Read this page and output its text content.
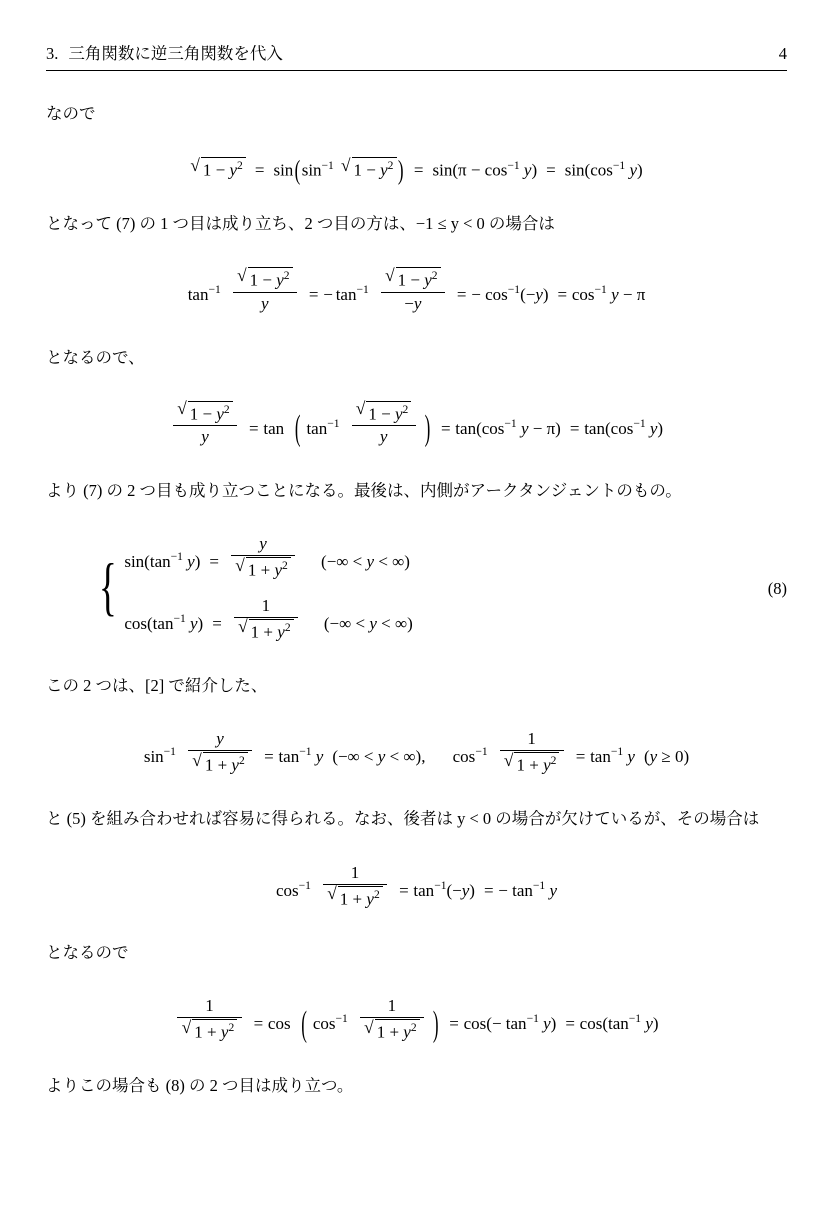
3. 三角関数に逆三角関数を代入	4

なので

√ $1 - y^2 = \sin(\sin^{-1}$ √ $1 - y^2$ ) = $\sin(\pi - \cos^{-1} y) = \sin(\cos^{-1}$ y)

となって (7) の 1 つ目は成り立ち、2 つ目の方は、−1 ≤ y < 0 の場合は

$\tan^{-1} \frac{√ 1 - y^2}{y}$ = − $\tan^{-1} \frac{√ 1 - y^2}{-y}$ = − $\cos^{-1}(-y) = \cos^{-1} y - \pi$

となるので、

$\frac{√ 1 - y^2}{y} = \tan$ ( $\tan^{-1} \frac{√ 1 - y^2}{y}$ ) = $\tan(\cos^{-1}$ $y - \pi) = \tan(\cos^{-1}$ y)

より (7) の 2 つ目も成り立つことになる。最後は、内側がアークタンジェントのもの。

{ $\sin(\tan^{-1}$ $y) = \frac{y}{√ 1 + y^2}$ (−∞ < y < ∞)
$\cos(\tan^{-1}$ $y) = \frac{1}{√ 1 + y^2}$ (−∞ < y < ∞)
(8)

この 2 つは、[2] で紹介した、

$\sin^{-1} \frac{y}{√ 1 + y^2} = \tan^{-1} y$ (−∞ < y < ∞),  $\cos^{-1} \frac{1}{√ 1 + y^2} = \tan^{-1} y$ (y ≥ 0)

と (5) を組み合わせれば容易に得られる。なお、後者は y < 0 の場合が欠けているが、その場合は

$\cos^{-1} \frac{1}{√ 1 + y^2} = \tan^{-1}(-y)$ = − $\tan^{-1} y$

となるので

$\frac{1}{√ 1 + y^2} = \cos$ ( $\cos^{-1} \frac{1}{√ 1 + y^2}$ ) = $\cos(- \tan^{-1} y) = \cos(\tan^{-1}$ y)

よりこの場合も (8) の 2 つ目は成り立つ。
